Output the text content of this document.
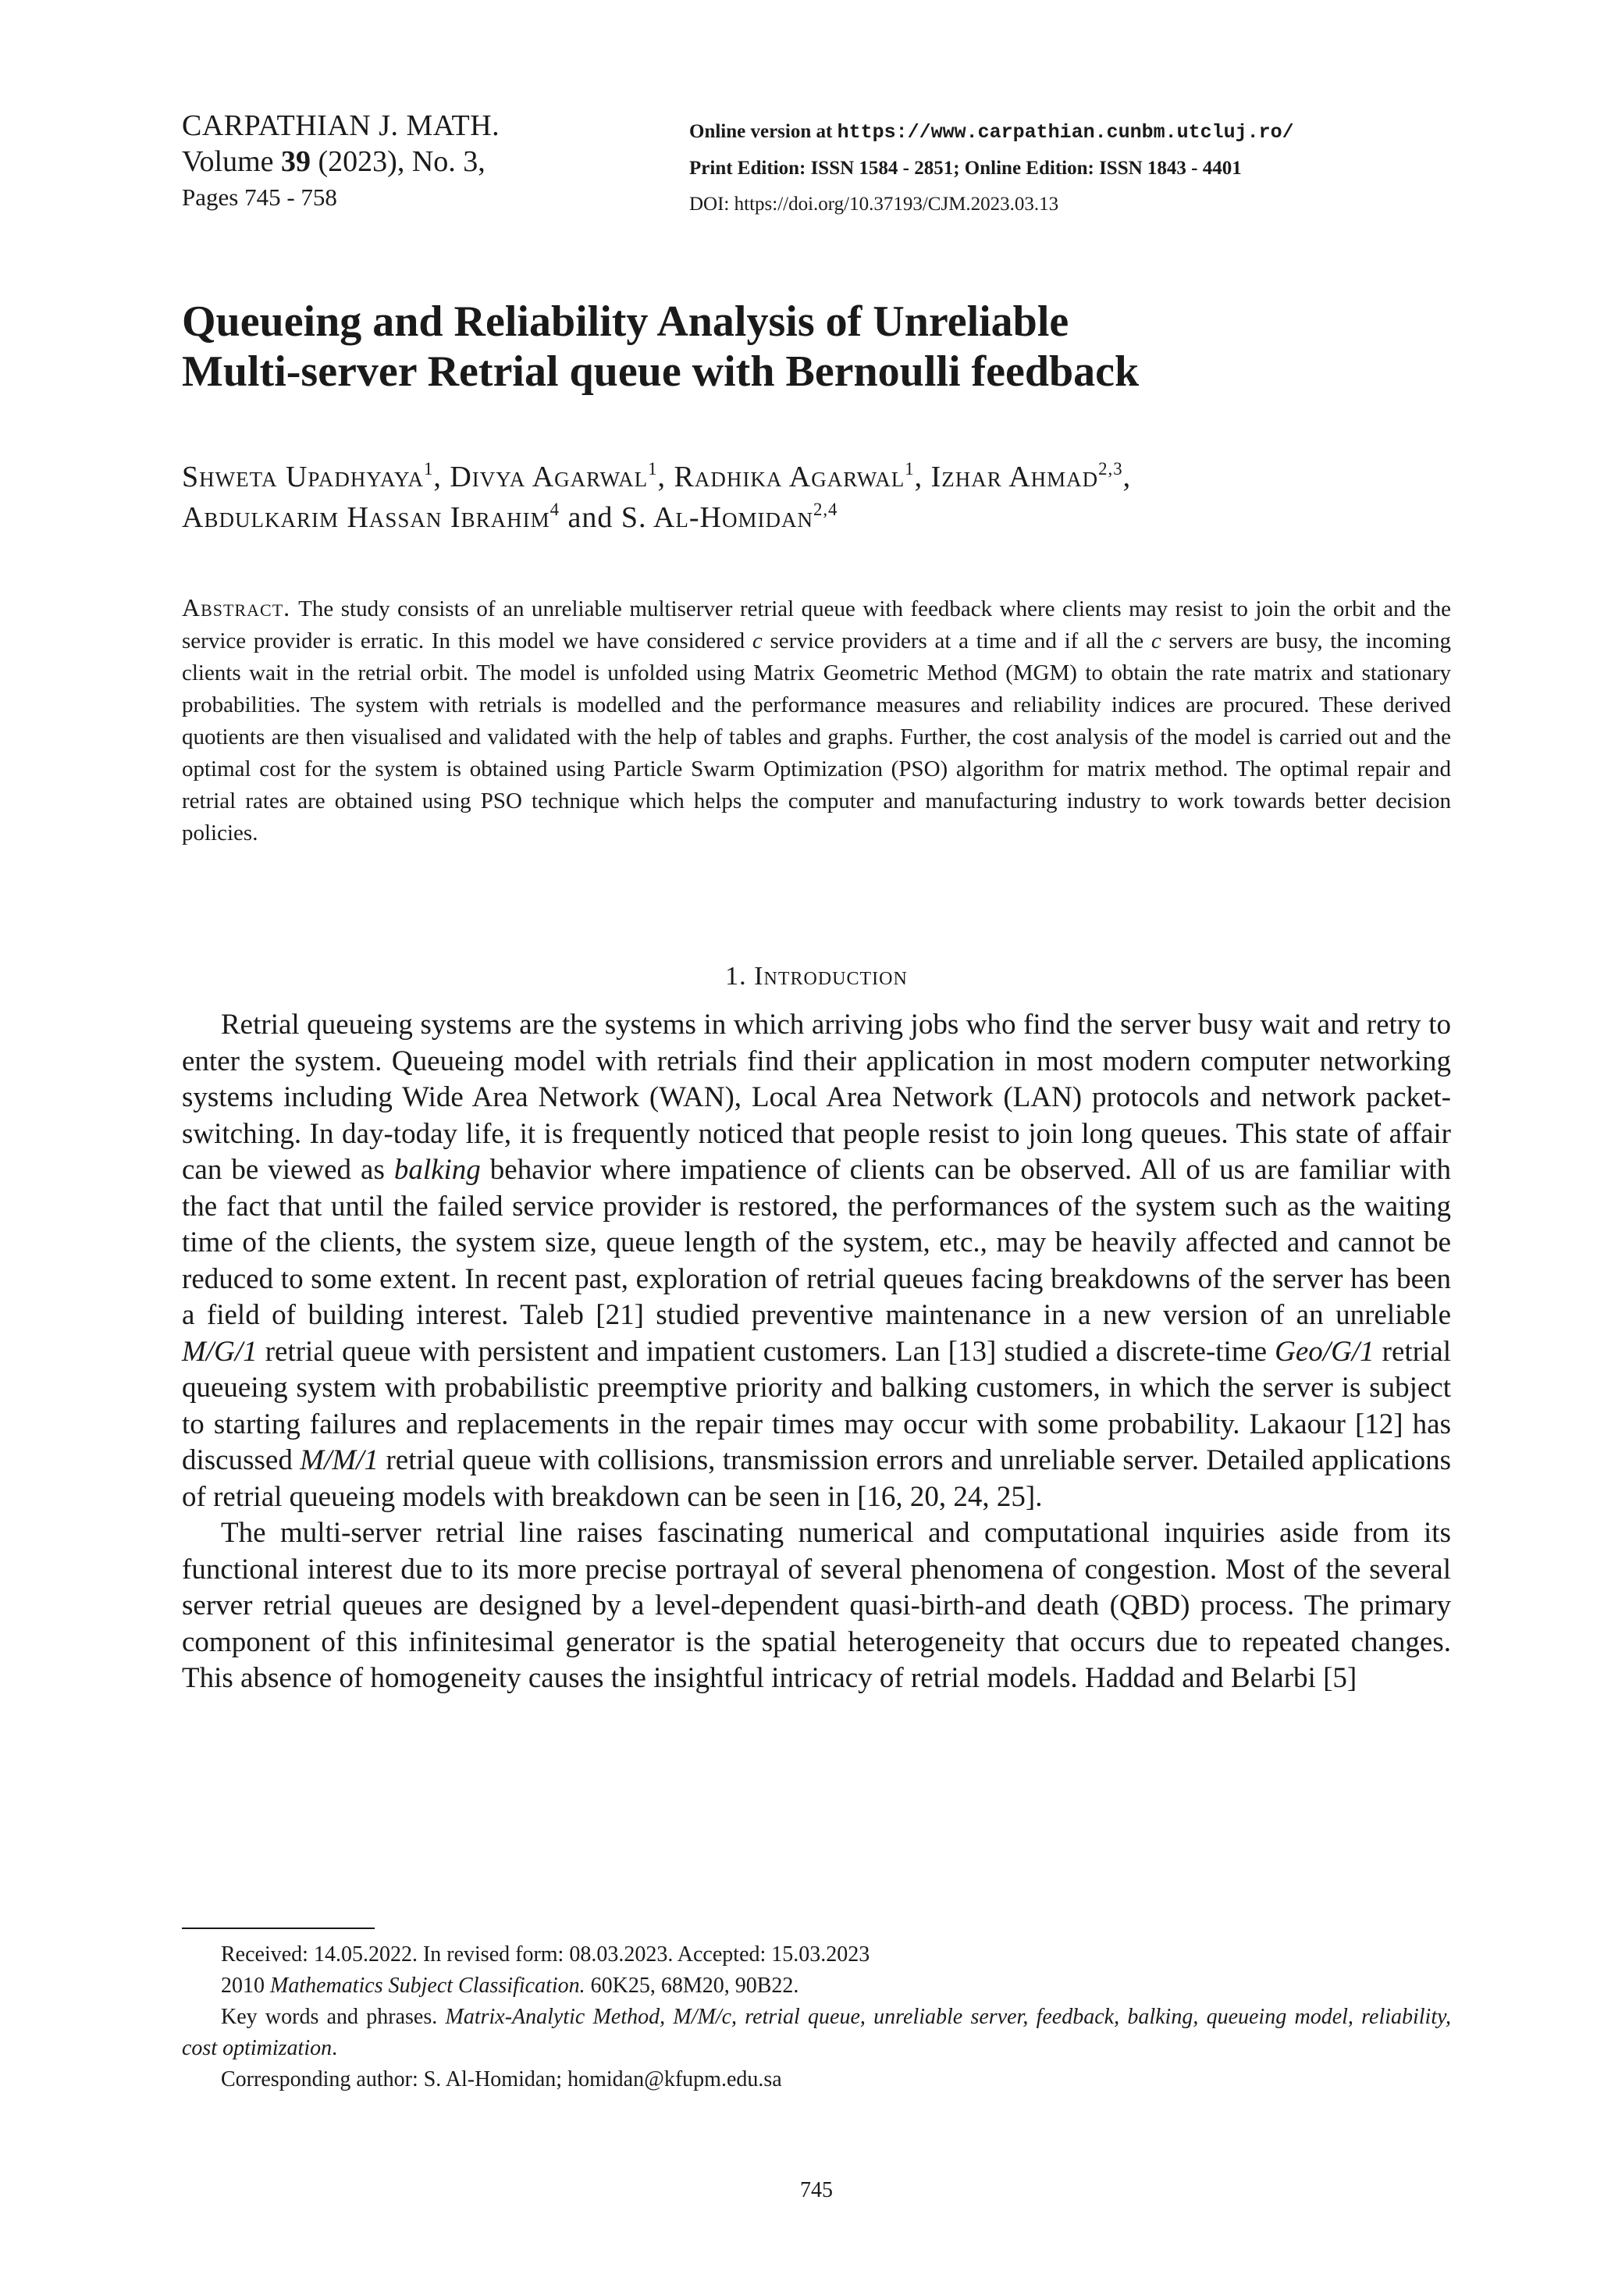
CARPATHIAN J. MATH.
Volume 39 (2023), No. 3,
Pages 745 - 758
Online version at https://www.carpathian.cunbm.utcluj.ro/
Print Edition: ISSN 1584 - 2851; Online Edition: ISSN 1843 - 4401
DOI: https://doi.org/10.37193/CJM.2023.03.13
Queueing and Reliability Analysis of Unreliable
Multi-server Retrial queue with Bernoulli feedback
Shweta Upadhyaya$^1$, Divya Agarwal$^1$, Radhika Agarwal$^1$, Izhar Ahmad$^{2,3}$,
Abdulkarim Hassan Ibrahim$^4$ and S. Al-Homidan$^{2,4}$
Abstract. The study consists of an unreliable multiserver retrial queue with feedback where clients may resist to join the orbit and the service provider is erratic. In this model we have considered c service providers at a time and if all the c servers are busy, the incoming clients wait in the retrial orbit. The model is unfolded using Matrix Geometric Method (MGM) to obtain the rate matrix and stationary probabilities. The system with retrials is modelled and the performance measures and reliability indices are procured. These derived quotients are then visualised and validated with the help of tables and graphs. Further, the cost analysis of the model is carried out and the optimal cost for the system is obtained using Particle Swarm Optimization (PSO) algorithm for matrix method. The optimal repair and retrial rates are obtained using PSO technique which helps the computer and manufacturing industry to work towards better decision policies.
1. Introduction

Retrial queueing systems are the systems in which arriving jobs who find the server busy wait and retry to enter the system. Queueing model with retrials find their application in most modern computer networking systems including Wide Area Network (WAN), Local Area Network (LAN) protocols and network packet-switching. In day-today life, it is frequently noticed that people resist to join long queues. This state of affair can be viewed as balking behavior where impatience of clients can be observed. All of us are familiar with the fact that until the failed service provider is restored, the performances of the system such as the waiting time of the clients, the system size, queue length of the system, etc., may be heavily affected and cannot be reduced to some extent. In recent past, exploration of retrial queues facing breakdowns of the server has been a field of building interest. Taleb [21] studied preventive maintenance in a new version of an unreliable M/G/1 retrial queue with persistent and impatient customers. Lan [13] studied a discrete-time Geo/G/1 retrial queueing system with probabilistic preemptive priority and balking customers, in which the server is subject to starting failures and replacements in the repair times may occur with some probability. Lakaour [12] has discussed M/M/1 retrial queue with collisions, transmission errors and unreliable server. Detailed applications of retrial queueing models with breakdown can be seen in [16, 20, 24, 25].

The multi-server retrial line raises fascinating numerical and computational inquiries aside from its functional interest due to its more precise portrayal of several phenomena of congestion. Most of the several server retrial queues are designed by a level-dependent quasi-birth-and death (QBD) process. The primary component of this infinitesimal generator is the spatial heterogeneity that occurs due to repeated changes. This absence of homogeneity causes the insightful intricacy of retrial models. Haddad and Belarbi [5]

Received: 14.05.2022. In revised form: 08.03.2023. Accepted: 15.03.2023

2010 Mathematics Subject Classification. 60K25, 68M20, 90B22.

Key words and phrases. Matrix-Analytic Method, M/M/c, retrial queue, unreliable server, feedback, balking, queueing model, reliability, cost optimization.

Corresponding author: S. Al-Homidan; homidan@kfupm.edu.sa

745
